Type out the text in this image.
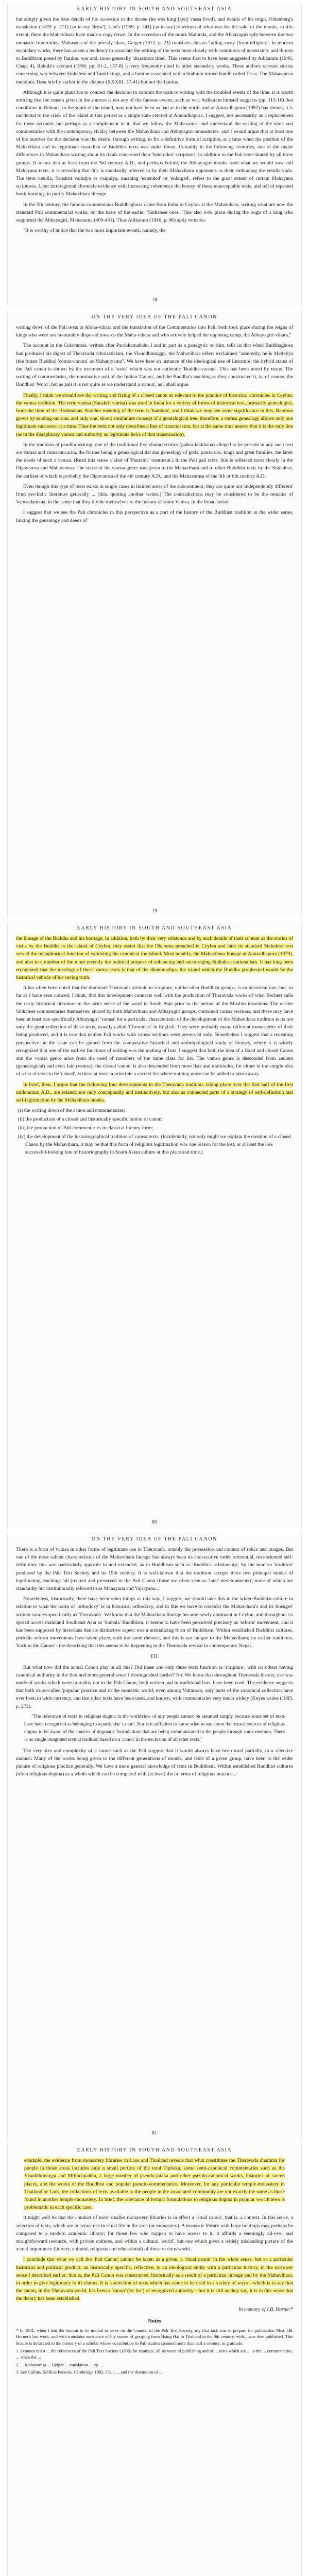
EARLY HISTORY IN SOUTH AND SOUTHEAST ASIA

but simply given the bare details of his accession to the throne (he was king [ayu] vassa lived), and details of his reign. Oldenberg's translation (1879: p. 211) [so to say 'drew'], Law's (1959: p. 241) [so to say] is written of what was for the sake of the monks, to this extent, there the Mahavihara have made a copy down. In the accession of the monk Mahinda, and the Abhayagiri split between the two monastic fraternities; Mahasena of the priestly class, Geiger (1912, p. 21) translates this as 'falling away (from religion)'. In modern secondary works, there has arisen a tendency to associate the writing of the texts most closely with conditions of uncertainty and threats to Buddhism posed by famine, war and, more generally 'disastrous time'. This seems first to have been suggested by Adikaram (1946: Chap. 4), Rahula's account (1956: pp. 81-2, 157-8) is very frequently cited in other secondary works. These authors recount stories concerning war between Sinhalese and Tamil kings, and a famine associated with a brahmin turned bandit called Tissa. The Mahavamsa mentions Tissa briefly earlier in the chapter (XXXIII. 37-41) but not the famine.

Although it is quite plausible to connect the decision to commit the texts to writing with the troubled events of the time, it is worth noticing that the reason given in the sources is not any of the famous events, such as war. Adikaram himself suggests (pp. 115-16) that conditions in Rohana, in the south of the island, may not have been as bad as in the north, and at Anuradhapura (1982) has shown, it is incidental to the crisis of the island at this period as a single state centred at Anuradhapura. I suggest, not necessarily as a replacement for these accounts but perhaps as a complement to it, that we follow the Mahavamsa and understand the writing of the texts and commentaries with the contemporary rivalry between the Mahavihara and Abhayagiri monasteries, and I would argue that at least one of the motives for the decision was the desire, through writing, to fix a definitive form of scripture, at a time when the position of the Mahavihara and its legitimate custodian of Buddhist texts was under threat. Certainly in the following centuries, one of the major differences in Mahavihara writing about its rivals concerned their 'heterodox' scriptures, in addition to the Pali texts shared by all three groups. It seems that at least from the 3rd century A.D., and perhaps before, the Abhayagiri monks used what we would now call Mahayana texts; it is revealing that this is standardly referred to by their Mahavihara opponents as their embracing the vetulla-vada. The term vetulla, Sanskrit vaitulya or vaipulya, meaning 'extended' or 'enlarged', refers to the great extent of certain Mahayana scriptures. Later intraregional chronicle-evidence with increasing vehemence the heresy of these unacceptable texts, and tell of repeated book-burnings to purify Mahavihara lineage.

In the 5th century, the famous commentator Buddhaghosa came from India to Ceylon at the Mahavihara, writing what are now the standard Pali commentarial works, on the basis of the earlier 'Sinhalese ones'. This also took place during the reign of a king who supported the Abhayagiri, Mahanama (409-431). Thus Adikaram (1946, p. 96) aptly remarks:

"It is worthy of notice that the two most important events, namely, the

78
ON THE VERY IDEA OF THE PALI CANON

writing down of the Pali texts at Aloka-vihara and the translation of the Commentaries into Pali, both took place during the reigns of kings who were not favourably disposed towards the Maha-vihara and who actively helped the opposing camp, the Abhayagiri-vihara."

The account in the Culavamsa, written after Parakkamabahu I and in part as a panegyric on him, tells us that when Buddhaghosa had produced his digest of Theravada scholasticism, the Visuddhimagga, the Mahavihara elders exclaimed "assuredly, he is Metteyya (the future Buddha) 'comin-conom' as Mahaniyama". We have here an instance of the ideological use of literature; the hybrid status of the Pali canon is shown by the treatment of a 'work' which was not authentic 'Buddha-vacana'. This has been noted by many. The writing of commentaries, the nominative pali of the Indian 'Canon', and the Buddha's teaching as they constructed it, is, of course, the Buddhist 'Word', but as pali it is not quite as we understand a 'canon', as I shall argue.

Finally, I think we should see the writing and fixing of a closed canon as relevant to the practice of historical chronicles in Ceylon: the vamsa tradition. The term vamsa (Sanskrit vamsa) was used in India for a variety of forms of historical text, primarily genealogies, from the time of the Brahmanas. Another meaning of the term is 'bamboo', and I think we may see some significance in this. Bamboo grows by sending out one, and only one, shoot; similar are concept of a genealogical tree, therefore, a vamsa genealogy allows only one legitimate successor at a time. Thus the term not only describes a line of transmission, but at the same time asserts that it is the only line (as in the disciplinary vamsa and authority as legitimate heirs of that transmission).

In the tradition of pandita writing, one of the traditional five characteristics (pañca-lakkhana) alleged to be present in any such text are vamsa and vamsanucarita, the former being a genealogical list and genealogy of gods, patriarchs, kings and great families, the latter the deeds of such a vamsa. (Read this sense a kind of 'Pauranic' treatment.) In the Pali pali texts, this is reflected most clearly in the Dipavamsa and Mahavamsa. The sense of the vamsa genre was given to the Mahavihara and to other Buddhist texts by the Sinhalese, the earliest of which is probably the Dipavamsa of the 4th century A.D., and the Mahavamsa of the 5th or 6th century A.D.

Even though this type of texts exists in single cases in limited areas of the subcontinent, they are quite not 'independently different' from pre-Indic literature generally ... [this, quoting another writer:] The contradictions may be considered to be the remains of Vamsadamana, in the sense that they divide themselves to the history of some Vamsa, in the broad sense.

I suggest that we see the Pali chronicles in this perspective as a part of the history of the Buddhist tradition in the wider sense, linking the genealogy and deeds of

79
EARLY HISTORY IN SOUTH AND SOUTHEAST ASIA

the lineage of the Buddha and his heritage. In addition, both by their very existence and by such details of their content as the stories of visits by the Buddha to the island of Ceylon, they assert that the Dhamma preached in Ceylon and later its standard Sinhalese text served the metaphorical function of validating the canonical the island. Most notably, the Mahavihara lineage at Anuradhapura (1979), and also to a number of the more recently the political purpose of enhancing and encouraging Sinhalese nationalism. It has long been recognized that the ideology of these vamsa texts is that of the dhammadipa, the island which the Buddha prophesied would be the historical vehicle of his saving truth.

It has often been noted that the dominant Theravada attitude to scripture, unlike other Buddhist groups, is an historical one; but, so far as I have seen noticed, I think, that this development connects well with the production of Theravada works of what Bechert calls the early historical literature in the strict sense of the word in South Asia prior to the period of the Muslim invasions. The earlier Sinhalese commentaries themselves, shared by both Mahavihara and Abhayagiri groups, contained vamsa sections, and these may have been at least one specifically Abhayagiri 'vamsa' for a particular characteristic of the development of the Mahavihara tradition is its not only the great collection of these texts, usually called 'Chronicles' in English. They were probably many different monasteries of their being produced, and it is true that neither Pali works with vamsa sections were preserved only. Nonetheless I suggest that a revealing perspective on the issue can be gained from the comparative historical and anthropological study of literacy, where it is widely recognized that one of the earliest functions of writing was the making of lists. I suggest that both the idea of a fixed and closed Canon and the vamsa genre arise from the need of members of the same class for list. The vamsa genre is descended from ancient (genealogical) and even Jain (vamsa); the closed 'canon' is also descended from more lists and multitudes, for either in the simple idea of a list of texts to be 'closed', is there at least in principle a correct list where nothing more can be added or taken away.

In brief, then, I argue that the following four developments in the Theravada tradition, taking place over the first half of the first millennium A.D., are related: not only conceptually and instinctively, but also as connected parts of a strategy of self-definition and self-legitimation by the Mahavihara monks.

(i) the writing down of the canon and commentaries;
(ii) the production of a closed and historically specific notion of canon;
(iii) the production of Pali commentaries in classical literary form;
(iv) the development of the historiographical tradition of vamsa texts. (Incidentally, not only might we explain the creation of a closed Canon by the Mahavihara, it may be that this form of religious legitimation was one reason for the lost, or at least the less successful-looking fate of historiography in South Asian culture at this place and time.)
80
ON THE VERY IDEA OF THE PALI CANON

There is a form of vamsa in other forms of legitimate use in Theravada, notably the possessive and content of relics and images. But one of the most salient characteristics of the Mahavihara lineage has always been its consecutive order referential, text-oriented self-definition; this was particularly apposite to and extended, as in Buddhism such as 'Buddhist scholarship', by the modern 'tradition' produced by the Pali Text Society and its 19th century. It is well-known that the tradition accepts there two principal modes of legitimating teaching: 'all (recited and preserved in the Pali Canon (these are often seen as 'later' developments)', none of which are standardly but institutionally referred to as Mahayana and Vajrayana...

Nonetheless, historically, there have been other things as this way, I suggest, we should take this in the wider Buddhist culture in relation to what the norm of 'orthodoxy' is in historical orthodoxy, and in this we have to consider the Mahavihara's and its lineages' written sources specifically as 'Theravada'. We know that the Mahavihara lineage became newly dominant in Ceylon, and throughout its spread across mainland Southeast Asia as 'Sinhala' Buddhism, it seems to have been perceived precisely as 'reform' movement, and it has been supposed by historians that its distinctive aspect was a textualizing form of Buddhism. Within established Buddhist cultures, periodic reform movements have taken place, with the same rhetoric, and this is not unique to the Mahavihara; on earlier traditions, 'back to the Canon' - the theorizing that this seems to be happening in the Theravada revival in contemporary Nepal.

III

But what now did the actual Canon play in all this? Did these and only these texts function as 'scripture', with no others having canonical authority in the first and more general sense I distinguished earlier? No. We know that throughout Theravada history, use was made of works which were in reality not in the Pali Canon, both written and in traditional lists, have been used. The evidence suggests that both its so-called 'popular' practice and in the monastic world, even among Vattaroan, only parts of the canonical collection have ever been in wide currency, and that other texts have been used, and known, with commentaries very much widely (Keyes writes (1983, p. 272):

"The relevance of texts to religious dogma in the worldview of any people cannot be assumed simply because some set of texts have been recognized as belonging to a particular 'canon'. Nor is it sufficient to know what to say about the textual sources of religious dogma to be aware of the sources of dogmatic formulations that are being communicated to the people through some medium. There is no single integrated textual tradition based on a 'canon' in the exclusion of all other texts."

The very size and complexity of a canon such as the Pali suggest that it would always have been used partially, in a selective manner. Many of the works being given to the different generations of monks, and texts of a given group, have been to the wider picture of religious practice generally. We have a more general knowledge of texts in Buddhism. Within established Buddhist cultures (often religious dogma) as a whole which can be compared with (at least) the in terms of religious practice...

81
EARLY HISTORY IN SOUTH AND SOUTHEAST ASIA

example, the evidence from monastery libraries in Laos and Thailand reveals that what constitutes the Theravada dhamma for people in those areas includes only a small portion of the total Tipitaka, some semi-canonical commentaries such as the Visuddhimagga and Milindapañha, a large number of pseudo-jataka and other pseudo-canonical works, histories of sacred places, and the works of the Buddhist and popular pseudo-commentaries. Moreover, for any particular temple-monastery in Thailand or Laos, the collections of texts available to the people in the associated community are not exactly the same as those found in another temple-monastery. In brief, the relevance of textual formulations to religious dogma in popular worldviews is problematic in each specific case.

It might well be that the conduct of most smaller monastery libraries is in effect a 'ritual canon', that is, a context. In this sense, a selection of texts, which are in actual use in ritual life in the area (or monastery). A monastic library with large holdings may perhaps be compared to a modern academic library; for those few who happen to have access to it, it affords a seemingly all-over and straightforward resource, with private cultures, and within a cultural 'world', but one which gives a widely misleading picture of the actual importance (literary, cultural, religious and educational) of those various works.

I conclude that what we call the 'Pali Canon' cannot be taken as a given, a 'ritual canon' in the wider sense, but as a particular historical and political product; an historically specific, reflective, to an ideological entity with a particular history, in the narrower sense I described earlier; that is, the Pali Canon was constructed, historically as a result of a particular lineage and by the Mahavihara, in order to give legitimacy to its claims. It is a selection of texts which has come to be used in a variety of ways—which is to say that the canon, in the Theravada world, has been a 'canon' ('or list') of recognized authority—but it is still as they say, it is in this sense that the theory has been established.

In memory of I.B. Horner*

Notes

* In 1981, when I had the honour to be invited to serve on the Council of the Pali Text Society, my first task was to prepare for publication Miss I.B. Horner's last work, and with translator assistance of lily stones of grasping from Hsing Hai to Thailand in the 8th century, with... was then published. This lecture is dedicated to the memory of a scholar whose contribution to Pali studies spanned more than half a century, in gratitude.

1. I cannot resist ... the references of the Pali Text Society (1896) for example, all its years of publishing and of ... texts which are ... in the ... commentaries. ... when the ...

2. ... Mahavamsa ... Geiger ... translation ... pp. ...

3. See Collins, Selfless Persons, Cambridge 1982, Ch. 1 ... and the discussion of ...
